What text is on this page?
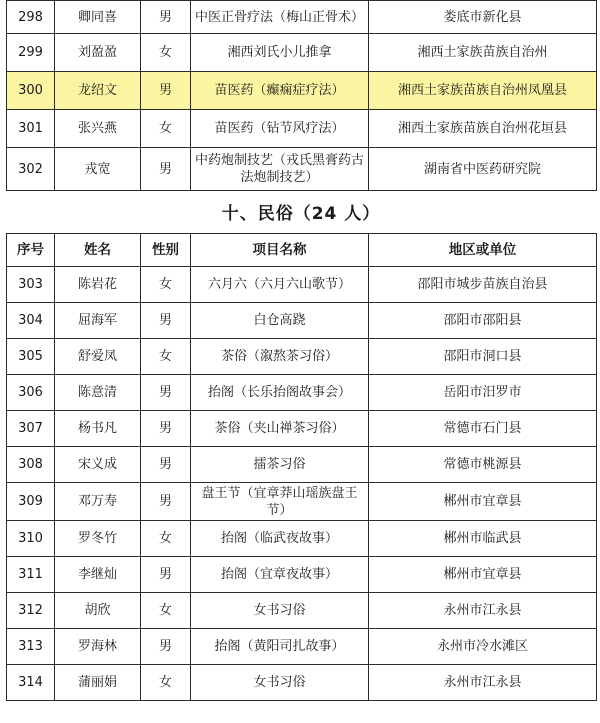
298	卿同喜	男	中医正骨疗法（梅山正骨术）	娄底市新化县
299	刘盈盈	女	湘西刘氏小儿推拿	湘西土家族苗族自治州
300	龙绍文	男	苗医药（癫痫症疗法）	湘西土家族苗族自治州凤凰县
301	张兴燕	女	苗医药（钻节风疗法）	湘西土家族苗族自治州花垣县
302	戎宽	男	中药炮制技艺（戎氏黑膏药古法炮制技艺）	湖南省中医药研究院
十、民俗（24 人）
序号	姓名	性别	项目名称	地区或单位
303	陈岩花	女	六月六（六月六山歌节）	邵阳市城步苗族自治县
304	屈海军	男	白仓高跷	邵阳市邵阳县
305	舒爱凤	女	茶俗（溆熬茶习俗）	邵阳市洞口县
306	陈意清	男	抬阁（长乐抬阁故事会）	岳阳市汨罗市
307	杨书凡	男	茶俗（夹山禅茶习俗）	常德市石门县
308	宋义成	男	擂茶习俗	常德市桃源县
309	邓万寿	男	盘王节（宜章莽山瑶族盘王节）	郴州市宜章县
310	罗冬竹	女	抬阁（临武夜故事）	郴州市临武县
311	李继灿	男	抬阁（宜章夜故事）	郴州市宜章县
312	胡欣	女	女书习俗	永州市江永县
313	罗海林	男	抬阁（黄阳司扎故事）	永州市冷水滩区
314	蒲丽娟	女	女书习俗	永州市江永县
